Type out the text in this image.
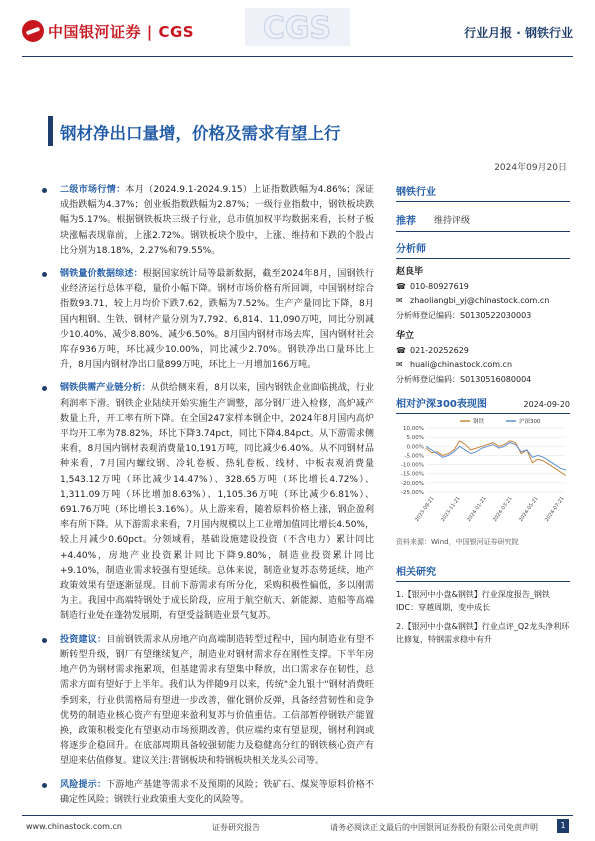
中国银河证券 | CGS CGS	行业月报 · 钢铁行业
钢材净出口量增，价格及需求有望上行
2024年09月20日
二级市场行情：本月（2024.9.1-2024.9.15）上证指数跌幅为4.86%；深证成指跌幅为4.37%；创业板指数跌幅为2.87%；一级行业指数中，钢铁板块跌幅为5.17%。根据钢铁板块三级子行业，总市值加权平均数据来看，长材子板块涨幅表现靠前，上涨2.72%。钢铁板块个股中，上涨、维持和下跌的个股占比分别为18.18%，2.27%和79.55%。
钢铁量价数据综述：根据国家统计局等最新数据，截至2024年8月，国钢铁行业经济运行总体平稳，量价小幅下降。钢材市场价格有所回调，中国钢材综合指数93.71，较上月均价下跌7.62，跌幅为7.52%。生产产量同比下降，8月国内粗钢、生铁、钢材产量分别为7,792、6,814、11,090万吨，同比分别减少10.40%、减少8.80%、减少6.50%。8月国内钢材市场去库，国内钢材社会库存936万吨，环比减少10.00%，同比减少2.70%。钢铁净出口量环比上升，8月国内钢材净出口量899万吨，环比上一月增加166万吨。
钢铁供需产业链分析：从供给侧来看，8月以来，国内钢铁企业面临挑战，行业利润率下滑。钢铁企业陆续开始实施生产调整，部分钢厂进入检修，高炉减产数量上升，开工率有所下降。在全国247家样本钢企中，2024年8月国内高炉平均开工率为78.82%，环比下降3.74pct，同比下降4.84pct。从下游需求侧来看，8月国内钢材表观消费量10,191万吨，同比减少6.40%。从不同钢材品种来看，7月国内螺纹钢、冷轧卷板、热轧卷板、线材、中板表观消费量1,543.12万吨（环比减少14.47%）、328.65万吨（环比增长4.72%）、1,311.09万吨（环比增加8.63%）、1,105.36万吨（环比减少6.81%）、691.76万吨（环比增长3.16%）。从上游来看，随着原料价格上涨，钢企盈利率有所下降。从下游需求来看，7月国内规模以上工业增加值同比增长4.50%，较上月减少0.60pct。分领域看，基础设施建设投资（不含电力）累计同比+4.40%，房地产业投资累计同比下降9.80%，制造业投资累计同比+9.10%，制造业需求较强有望延续。总体来说，制造业复苏态势延续，地产政策效果有望逐渐显现。目前下游需求有所分化，采购积极性偏低，多以刚需为主。我国中高端特钢处于成长阶段，应用于航空航天、新能源、造船等高端制造行业处在蓬勃发展期，有望受益制造业景气复苏。
投资建议：目前钢铁需求从房地产向高端制造转型过程中，国内制造业有望不断转型升级，钢厂有望继续复产，制造业对钢材需求存在刚性支撑。下半年房地产仍为钢材需求拖累项，但基建需求有望集中释放，出口需求存在韧性，总需求方面有望好于上半年。我们认为伴随9月以来，传统"金九银十"钢材消费旺季到来，行业供需格局有望进一步改善，催化钢价反弹，具备经营韧性和竞争优势的制造业核心资产有望迎来盈利复苏与价值重估。工信部暂停钢铁产能置换，政策积极变化有望驱动市场预期改善，供应端约束有望显现，钢材利润或将逐步企稳回升。在底部周期具备较强韧能力及稳健高分红的钢铁核心资产有望迎来估值修复。建议关注:普钢板块和特钢板块相关龙头公司等。
风险提示：下游地产基建等需求不及预期的风险；铁矿石、煤炭等原料价格不确定性风险；钢铁行业政策重大变化的风险等。
钢铁行业
推荐 维持评级
分析师
赵良毕
☎ 010-80927619
✉ zhaoliangbi_yj@chinastock.com.cn
分析师登记编码：S0130522030003
华立
☎ 021-20252629
✉ huali@chinastock.com.cn
分析师登记编码：S0130516080004
相对沪深300表现图	2024-09-20
10.00%
5.00%
0.00%
-5.00%
-10.00%
-15.00%
-20.00%
-25.00%
2023-09-21 2023-11-21 2024-01-21 2024-03-21 2024-05-21 2024-07-21
钢铁	沪深300
资料来源：Wind，中国银河证券研究院
相关研究
1.【银河中小盘&钢铁】行业深度报告_钢铁IDC：穿越周期，变中成长
2.【银河中小盘&钢铁】行业点评_Q2龙头净利环比修复，特钢需求稳中有升
www.chinastock.com.cn	证券研究报告	请务必阅读正文最后的中国银河证券股份有限公司免责声明	1
